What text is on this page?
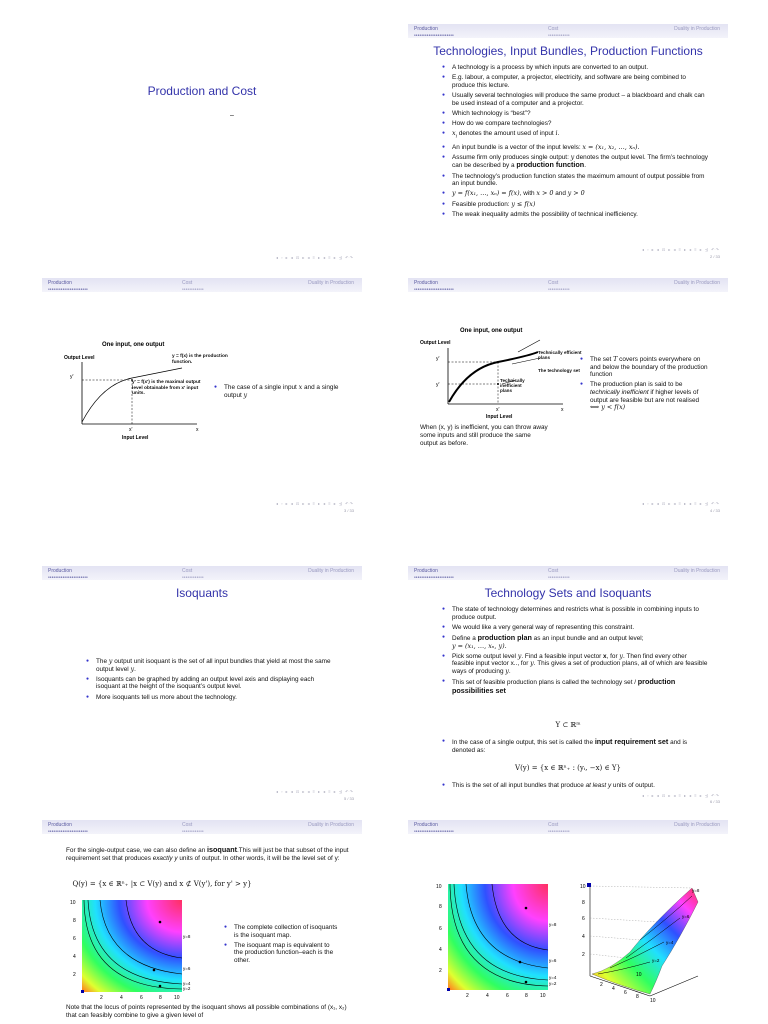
Production and Cost
–
◂ ▫ ▸ ◂ ⊡ ▸ ◂ ≡ ▸ ◂ ≡ ▸ ⊴ ↶↷
Production	Cost	Duality in Production
●●●●●●●●●●●●●●●●●●●●●●	●●●●●●●●●●●●
Technologies, Input Bundles, Production Functions
● A technology is a process by which inputs are converted to an output.
● E.g. labour, a computer, a projector, electricity, and software are being combined to produce this lecture.
● Usually several technologies will produce the same product – a blackboard and chalk can be used instead of a computer and a projector.
● Which technology is “best”?
● How do we compare technologies?
● $x_i$ denotes the amount used of input i.
● An input bundle is a vector of the input levels: x = (x₁, x₂, …, xₙ).
● Assume firm only produces single output: y denotes the output level. The firm’s technology can be described by a production function.
● The technology’s production function states the maximum amount of output possible from an input bundle.
● y = f(x₁, …, xₙ) = f(x), with x > 0 and y > 0
● Feasible production: y ≤ f(x)
● The weak inequality admits the possibility of technical inefficiency.
◂ ▫ ▸ ◂ ⊡ ▸ ◂ ≡ ▸ ◂ ≡ ▸ ⊴ ↶↷
2 / 33
Production	Cost	Duality in Production
●●●●●●●●●●●●●●●●●●●●●●	●●●●●●●●●●●●
One input, one output
Output Level
y'
x'	x
Input Level
y = f(x) is the production function.
y' = f(x') is the maximal output level obtainable from x' input units.
● The case of a single input x and a single output y
◂ ▫ ▸ ◂ ⊡ ▸ ◂ ≡ ▸ ◂ ≡ ▸ ⊴ ↶↷
3 / 33
Production	Cost	Duality in Production
●●●●●●●●●●●●●●●●●●●●●●	●●●●●●●●●●●●
One input, one output
Output Level
y'
y'
x'	x
Input Level
Technically efficient plans
The technology set
Technically inefficient plans
When (x, y) is inefficient, you can throw away some inputs and still produce the same output as before.
● The set T covers points everywhere on and below the boundary of the production function
● The production plan is said to be technically inefficient if higher levels of output are feasible but are not realised ⟺ y < f(x)
◂ ▫ ▸ ◂ ⊡ ▸ ◂ ≡ ▸ ◂ ≡ ▸ ⊴ ↶↷
4 / 33
Production	Cost	Duality in Production
●●●●●●●●●●●●●●●●●●●●●●	●●●●●●●●●●●●
Isoquants
● The y output unit isoquant is the set of all input bundles that yield at most the same output level y.
● Isoquants can be graphed by adding an output level axis and displaying each isoquant at the height of the isoquant’s output level.
● More isoquants tell us more about the technology.
◂ ▫ ▸ ◂ ⊡ ▸ ◂ ≡ ▸ ◂ ≡ ▸ ⊴ ↶↷
5 / 33
Production	Cost	Duality in Production
●●●●●●●●●●●●●●●●●●●●●●	●●●●●●●●●●●●
Technology Sets and Isoquants
● The state of technology determines and restricts what is possible in combining inputs to produce output.
● We would like a very general way of representing this constraint.
● Define a production plan as an input bundle and an output level;
y = (x₁, …, xₙ, y).
● Pick some output level y. Find a feasible input vector x, for y. Then find every other feasible input vector x.., for y. This gives a set of production plans, all of which are feasible ways of producing y.
● This set of feasible production plans is called the technology set / production possibilities set
Y ⊂ ℝᵐ
● In the case of a single output, this set is called the input requirement set and is denoted as:
V(y) = {x ∈ ℝⁿ₊ : (yᵢ, −x) ∈ Y}
● This is the set of all input bundles that produce at least y units of output.
◂ ▫ ▸ ◂ ⊡ ▸ ◂ ≡ ▸ ◂ ≡ ▸ ⊴ ↶↷
6 / 33
Production	Cost	Duality in Production
●●●●●●●●●●●●●●●●●●●●●●	●●●●●●●●●●●●
For the single-output case, we can also define an isoquant.This will just be that subset of the input requirement set that produces exactly y units of output. In other words, it will be the level set of y:
Q(y) = {x ∈ ℝⁿ₊ |x ⊂ V(y) and x ⊄ V(y'), for y' > y}
10
8
6
4
2
2	4	6	8 10
y=8
y=6
y=4
y=2
● The complete collection of isoquants is the isoquant map.
● The isoquant map is equivalent to the production function–each is the other.
Note that the locus of points represented by the isoquant shows all possible combinations of (x₁, x₂) that can feasibly combine to give a given level of
Production	Cost	Duality in Production
●●●●●●●●●●●●●●●●●●●●●●	●●●●●●●●●●●●
10
8
6
4
2
2	4	6	8 10
y=8
y=6
y=4
y=2
10
8
6
4
2
y=8
y=6
y=4
y=2
2
4
6
8
10
10
